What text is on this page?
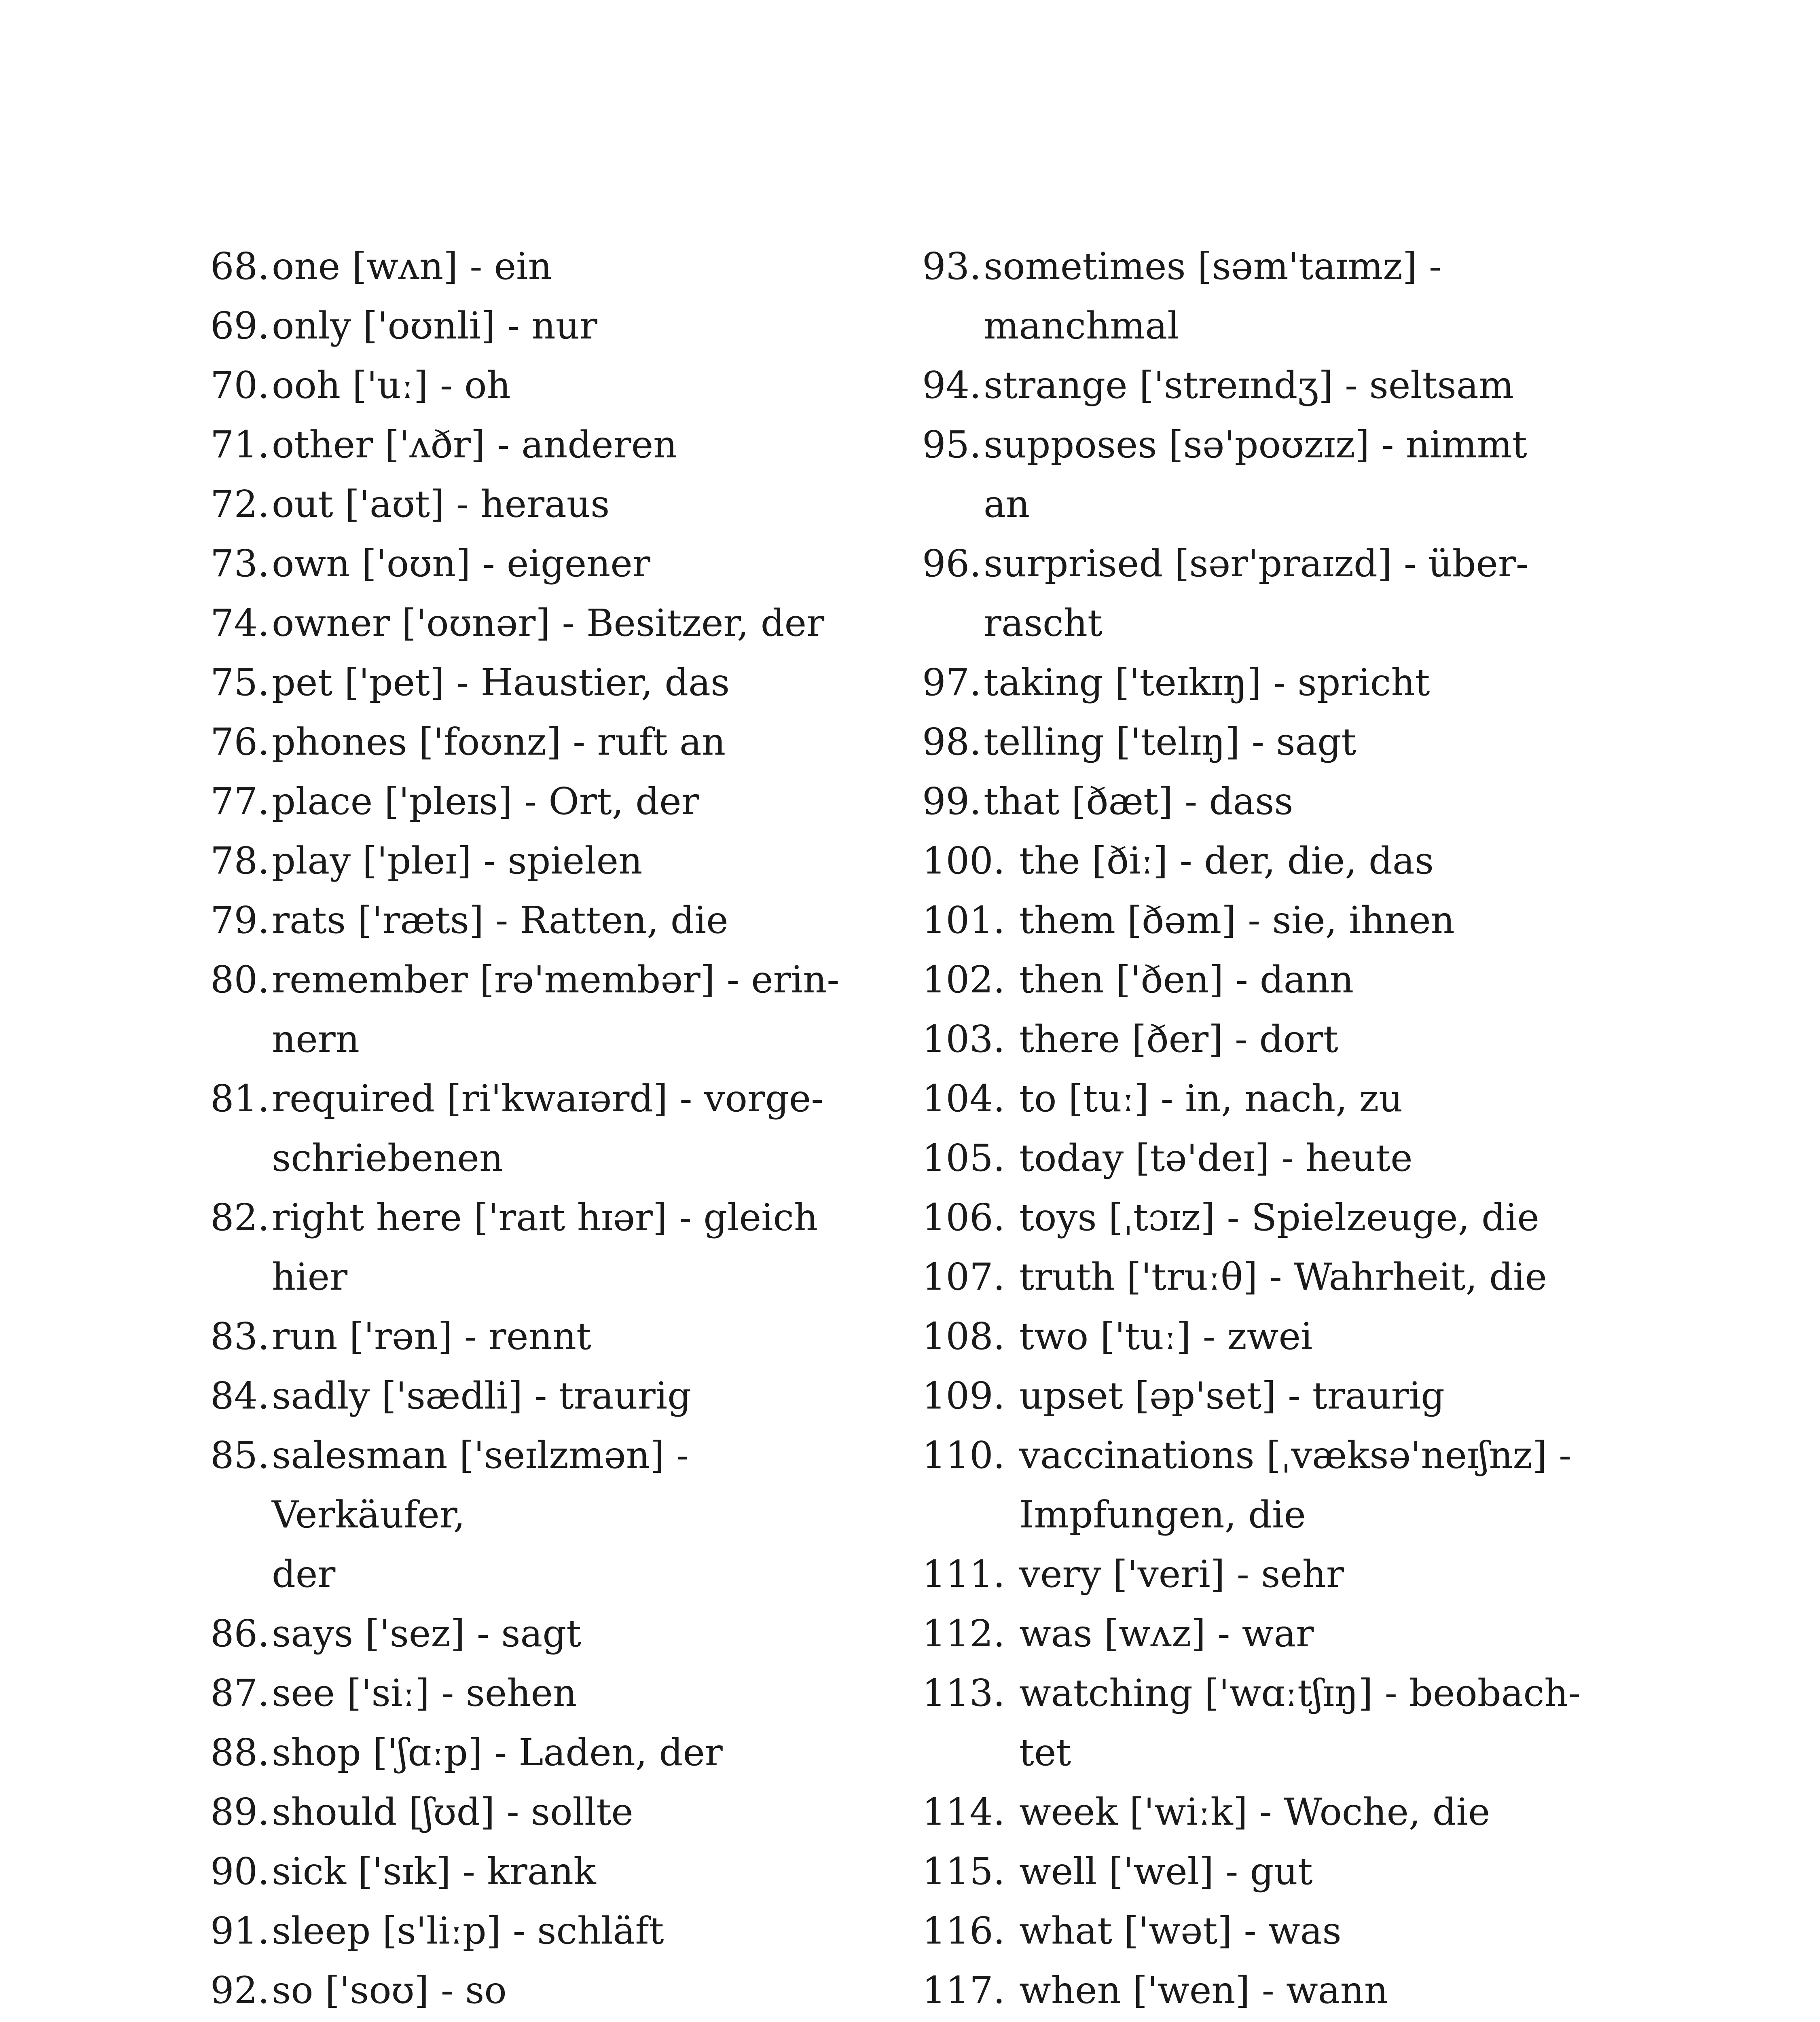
68. one [wʌn] - ein
69. only ['oʊnli] - nur
70. ooh ['uː] - oh
71. other ['ʌðr] - anderen
72. out ['aʊt] - heraus
73. own ['oʊn] - eigener
74. owner ['oʊnər] - Besitzer, der
75. pet ['pet] - Haustier, das
76. phones ['foʊnz] - ruft an
77. place ['pleɪs] - Ort, der
78. play ['pleɪ] - spielen
79. rats ['ræts] - Ratten, die
80. remember [rə'membər] - erin-
nern
81. required [ri'kwaɪərd] - vorge-
schriebenen
82. right here ['raɪt hɪər] - gleich hier
83. run ['rən] - rennt
84. sadly ['sædli] - traurig
85. salesman ['seɪlzmən] - Verkäufer,
der
86. says ['sez] - sagt
87. see ['siː] - sehen
88. shop ['ʃɑːp] - Laden, der
89. should [ʃʊd] - sollte
90. sick ['sɪk] - krank
91. sleep [s'liːp] - schläft
92. so ['soʊ] - so
93. sometimes [səm'taɪmz] -
manchmal
94. strange ['streɪndʒ] - seltsam
95. supposes [sə'poʊzɪz] - nimmt an
96. surprised [sər'praɪzd] - über-
rascht
97. taking ['teɪkɪŋ] - spricht
98. telling ['telɪŋ] - sagt
99. that [ðæt] - dass
100. the [ðiː] - der, die, das
101. them [ðəm] - sie, ihnen
102. then ['ðen] - dann
103. there [ðer] - dort
104. to [tuː] - in, nach, zu
105. today [tə'deɪ] - heute
106. toys [ˌtɔɪz] - Spielzeuge, die
107. truth ['truːθ] - Wahrheit, die
108. two ['tuː] - zwei
109. upset [əp'set] - traurig
110. vaccinations [ˌvæksə'neɪʃnz] -
Impfungen, die
111. very ['veri] - sehr
112. was [wʌz] - war
113. watching ['wɑːtʃɪŋ] - beobach-
tet
114. week ['wiːk] - Woche, die
115. well ['wel] - gut
116. what ['wət] - was
117. when ['wen] - wann
